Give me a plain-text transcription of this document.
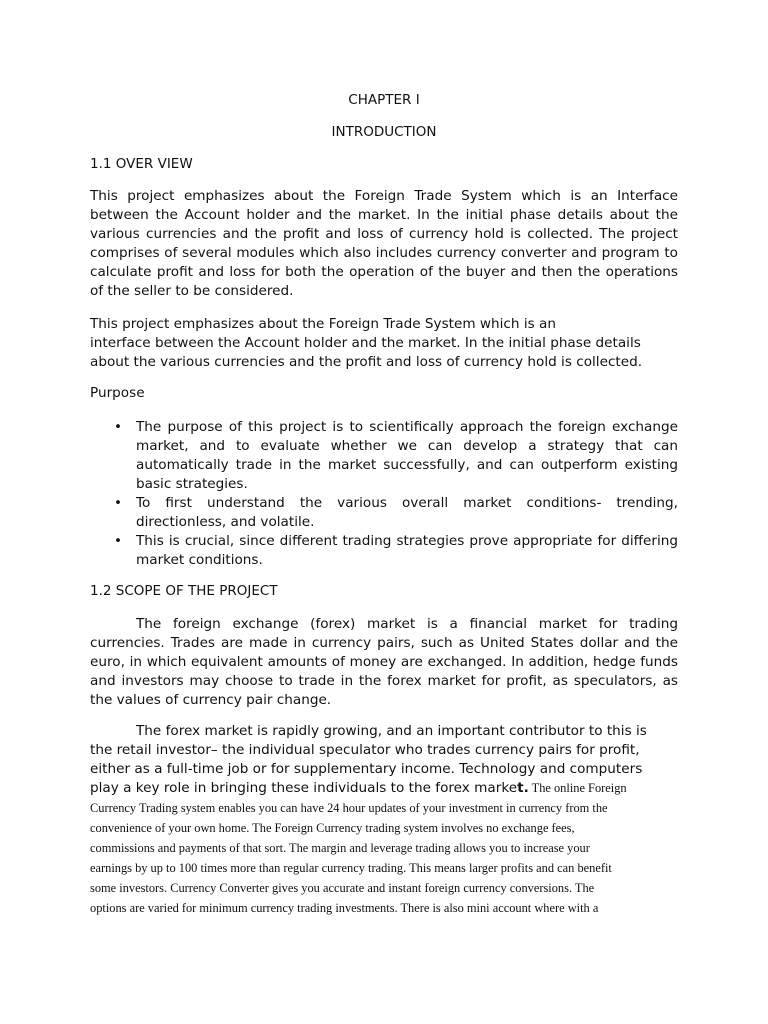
CHAPTER I
INTRODUCTION
1.1 OVER VIEW

This project emphasizes about the Foreign Trade System which is an Interface between the Account holder and the market. In the initial phase details about the various currencies and the profit and loss of currency hold is collected. The project comprises of several modules which also includes currency converter and program to calculate profit and loss for both the operation of the buyer and then the operations of the seller to be considered.

This project emphasizes about the Foreign Trade System which is an
interface between the Account holder and the market. In the initial phase details
about the various currencies and the profit and loss of currency hold is collected.
Purpose
• The purpose of this project is to scientifically approach the foreign exchange market, and to evaluate whether we can develop a strategy that can automatically trade in the market successfully, and can outperform existing basic strategies.
• To first understand the various overall market conditions- trending, directionless, and volatile.
• This is crucial, since different trading strategies prove appropriate for differing market conditions.
1.2 SCOPE OF THE PROJECT

The foreign exchange (forex) market is a financial market for trading currencies. Trades are made in currency pairs, such as United States dollar and the euro, in which equivalent amounts of money are exchanged. In addition, hedge funds and investors may choose to trade in the forex market for profit, as speculators, as the values of currency pair change.

The forex market is rapidly growing, and an important contributor to this is
the retail investor– the individual speculator who trades currency pairs for profit,
either as a full-time job or for supplementary income. Technology and computers
play a key role in bringing these individuals to the forex market. The online Foreign
Currency Trading system enables you can have 24 hour updates of your investment in currency from the
convenience of your own home. The Foreign Currency trading system involves no exchange fees,
commissions and payments of that sort. The margin and leverage trading allows you to increase your
earnings by up to 100 times more than regular currency trading. This means larger profits and can benefit
some investors. Currency Converter gives you accurate and instant foreign currency conversions. The
options are varied for minimum currency trading investments. There is also mini account where with a
